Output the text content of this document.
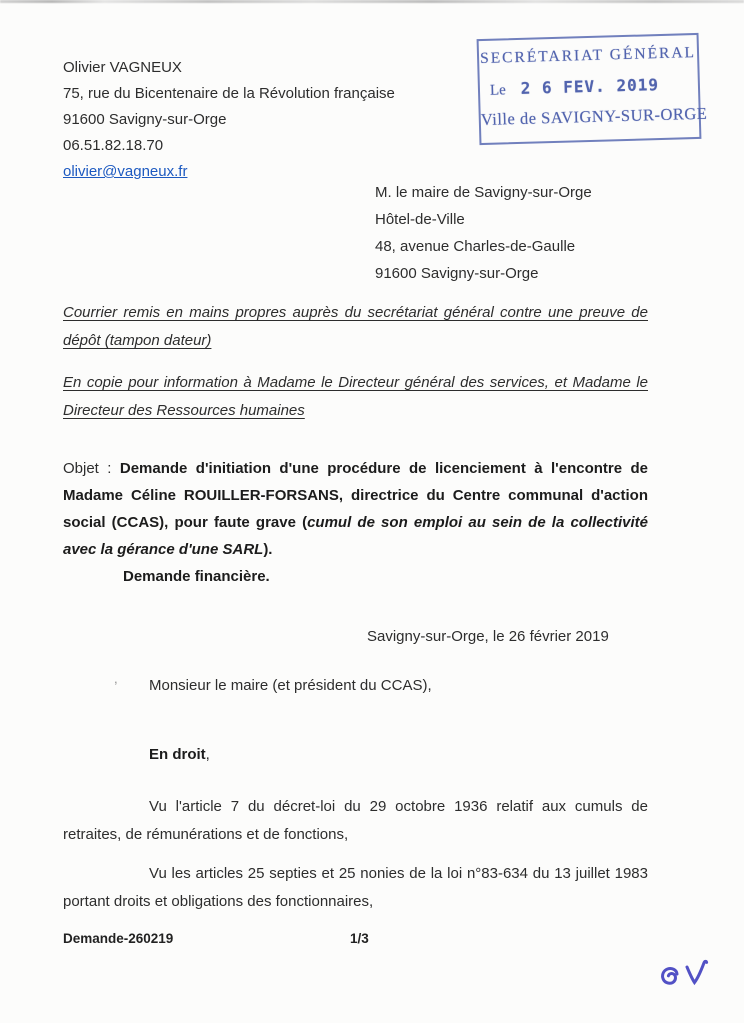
SECRÉTARIAT GÉNÉRAL
Le 2 6 FEV. 2019
Ville de SAVIGNY-SUR-ORGE
Olivier VAGNEUX
75, rue du Bicentenaire de la Révolution française
91600 Savigny-sur-Orge
06.51.82.18.70
olivier@vagneux.fr
M. le maire de Savigny-sur-Orge
Hôtel-de-Ville
48, avenue Charles-de-Gaulle
91600 Savigny-sur-Orge

Courrier remis en mains propres auprès du secrétariat général contre une preuve de dépôt (tampon dateur)

En copie pour information à Madame le Directeur général des services, et Madame le Directeur des Ressources humaines

Objet : Demande d'initiation d'une procédure de licenciement à l'encontre de Madame Céline ROUILLER-FORSANS, directrice du Centre communal d'action social (CCAS), pour faute grave (cumul de son emploi au sein de la collectivité avec la gérance d'une SARL).

Demande financière.

Savigny-sur-Orge, le 26 février 2019

Monsieur le maire (et président du CCAS),

En droit,

Vu l'article 7 du décret-loi du 29 octobre 1936 relatif aux cumuls de retraites, de rémunérations et de fonctions,

Vu les articles 25 septies et 25 nonies de la loi n°83-634 du 13 juillet 1983 portant droits et obligations des fonctionnaires,

Demande-260219	1/3
,
